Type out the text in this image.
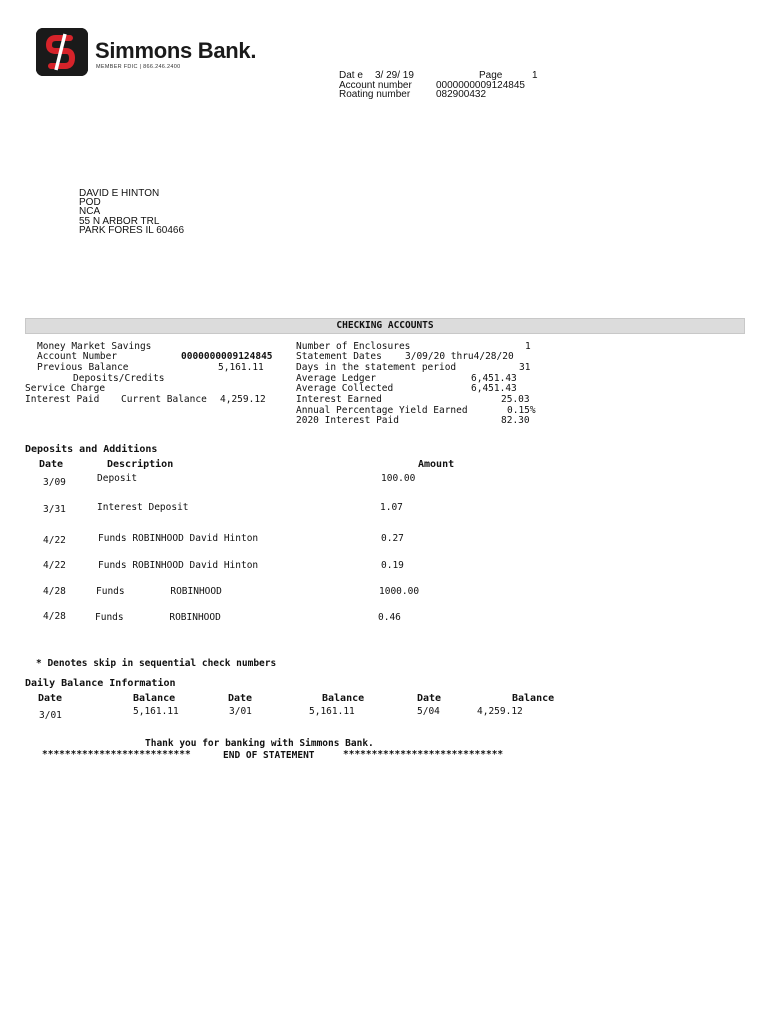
Simmons Bank.
MEMBER FDIC | 866.246.2400
Dat e 3/ 29/ 19	Page	1
Account number 0000000009124845
Roating number	082900432
DAVID E HINTON
POD
NCA
55 N ARBOR TRL
PARK FORES IL 60466

CHECKING ACCOUNTS

Money Market Savings
Account Number	0000000009124845
Previous Balance	5,161.11
Deposits/Credits
Service Charge
Interest Paid Current Balance 4,259.12
Number of Enclosures	1
Statement Dates 3/09/20 thru4/28/20
Days in the statement period	31
Average Ledger	6,451.43
Average Collected	6,451.43
Interest Earned	25.03
Annual Percentage Yield Earned	0.15%
2020 Interest Paid	82.30
Deposits and Additions
Date	Description	Amount
3/09	Deposit	100.00
3/31	Interest Deposit	1.07
4/22	Funds ROBINHOOD David Hinton	0.27
4/22	Funds ROBINHOOD David Hinton	0.19
4/28	Funds        ROBINHOOD	1000.00
4/28	Funds        ROBINHOOD	0.46
* Denotes skip in sequential check numbers
Daily Balance Information
Date	Balance	Date	Balance	Date	Balance
3/01	5,161.11	3/01	5,161.11	5/04	4,259.12
Thank you for banking with Simmons Bank.
**************************	END OF STATEMENT	****************************
